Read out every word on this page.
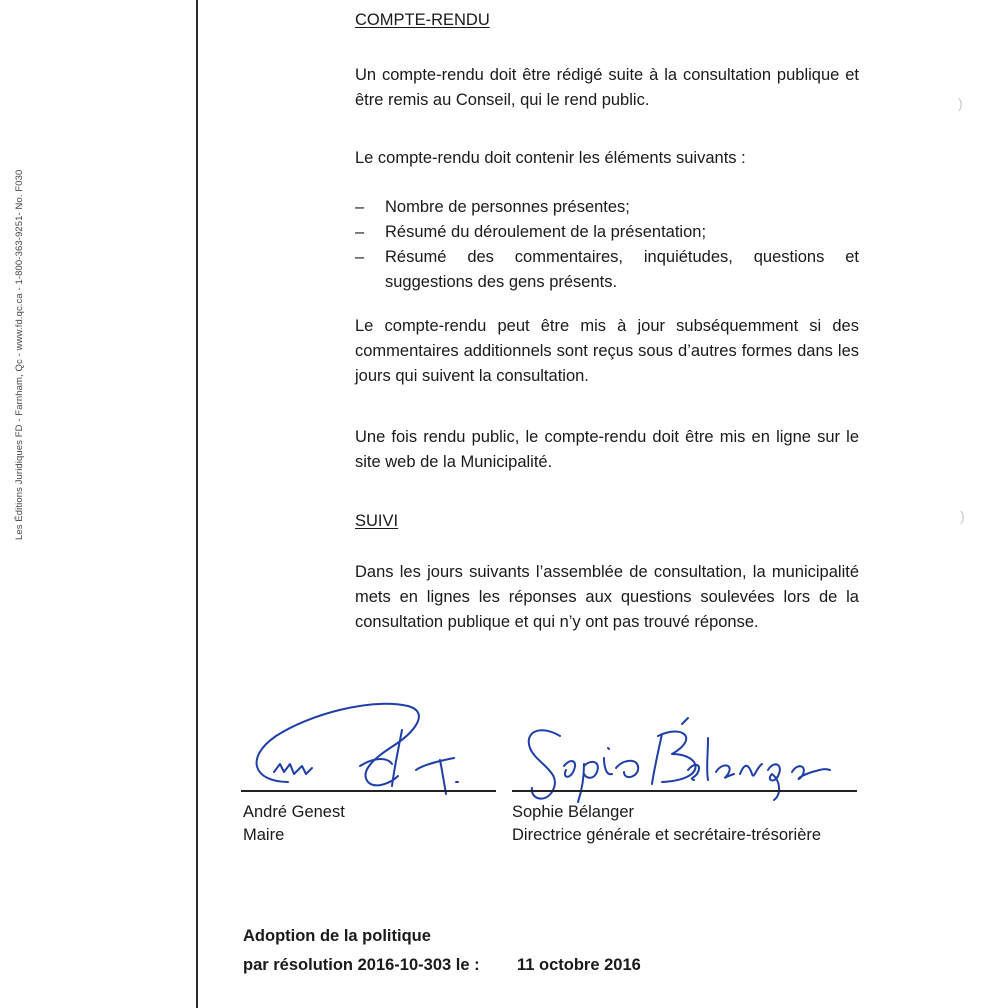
Les Éditions Juridiques FD - Farnham, Qc - www.fd.qc.ca - 1-800-363-9251- No. F030
COMPTE-RENDU
Un compte-rendu doit être rédigé suite à la consultation publique et être remis au Conseil, qui le rend public.
Le compte-rendu doit contenir les éléments suivants :
– Nombre de personnes présentes;
– Résumé du déroulement de la présentation;
– Résumé des commentaires, inquiétudes, questions et suggestions des gens présents.
Le compte-rendu peut être mis à jour subséquemment si des commentaires additionnels sont reçus sous d’autres formes dans les jours qui suivent la consultation.
Une fois rendu public, le compte-rendu doit être mis en ligne sur le site web de la Municipalité.
SUIVI
Dans les jours suivants l’assemblée de consultation, la municipalité mets en lignes les réponses aux questions soulevées lors de la consultation publique et qui n’y ont pas trouvé réponse.
André Genest
Maire
Sophie Bélanger
Directrice générale et secrétaire-trésorière
Adoption de la politique
par résolution 2016-10-303 le : 11 octobre 2016
)
)
